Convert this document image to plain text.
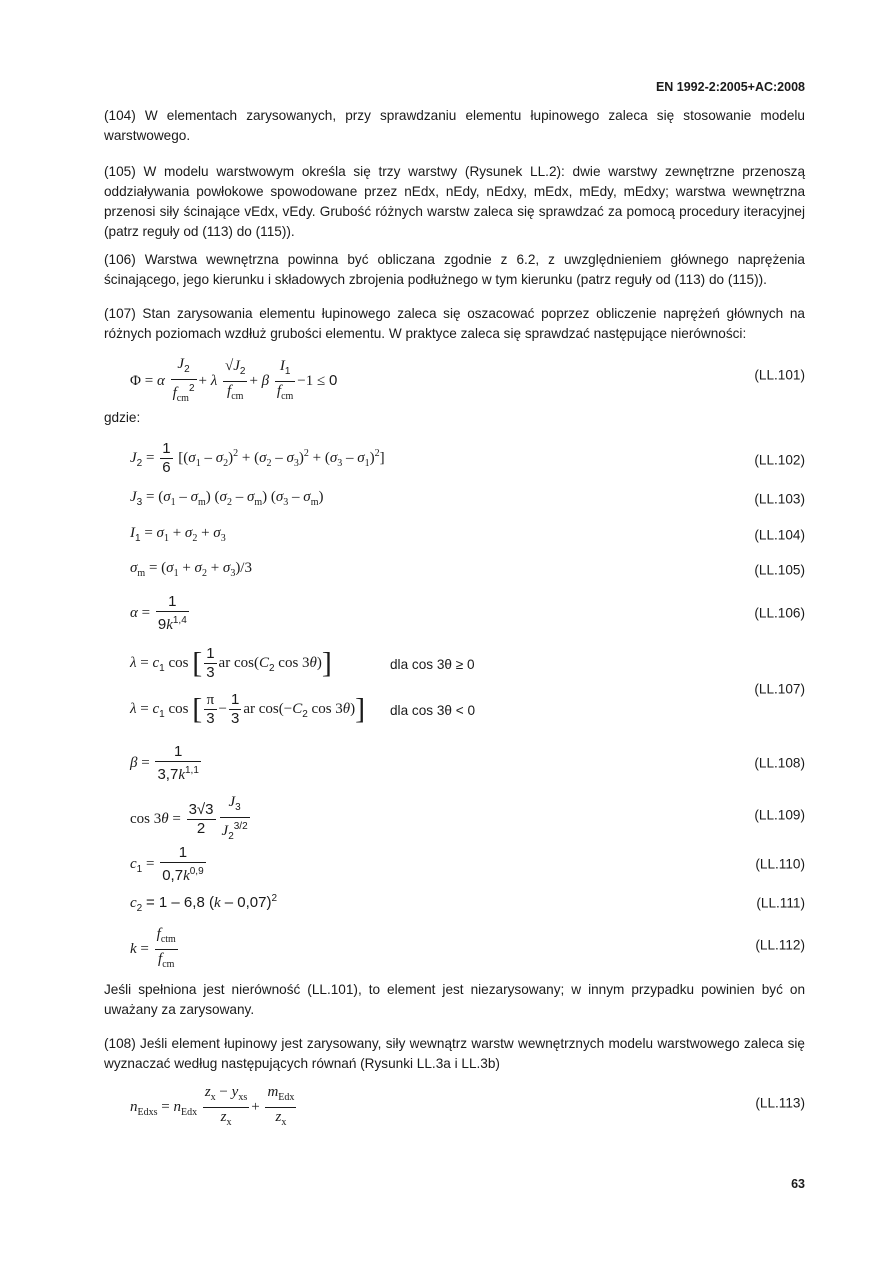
EN 1992-2:2005+AC:2008
(104) W elementach zarysowanych, przy sprawdzaniu elementu łupinowego zaleca się stosowanie modelu warstwowego.
(105) W modelu warstwowym określa się trzy warstwy (Rysunek LL.2): dwie warstwy zewnętrzne przenoszą oddziaływania powłokowe spowodowane przez nEdx, nEdy, nEdxy, mEdx, mEdy, mEdxy; warstwa wewnętrzna przenosi siły ścinające vEdx, vEdy. Grubość różnych warstw zaleca się sprawdzać za pomocą procedury iteracyjnej (patrz reguły od (113) do (115)).
(106) Warstwa wewnętrzna powinna być obliczana zgodnie z 6.2, z uwzględnieniem głównego naprężenia ścinającego, jego kierunku i składowych zbrojenia podłużnego w tym kierunku (patrz reguły od (113) do (115)).
(107) Stan zarysowania elementu łupinowego zaleca się oszacować poprzez obliczenie naprężeń głównych na różnych poziomach wzdłuż grubości elementu. W praktyce zaleca się sprawdzać następujące nierówności:
Φ = α $\frac{J_2}{f_{cm}^2} + \lambda \frac{√J_2}{f_{cm}} + \beta \frac{I_1}{f_{cm}} -1 \le 0$	(LL.101)
gdzie:
$J_2 = \frac{1}{6} [(\sigma_1 - \sigma_2)^2 + (\sigma_2 - \sigma_3)^2 + (\sigma_3 - \sigma_1)^2]$	(LL.102)
$J_3 = (\sigma_1 - \sigma_m)$ $(\sigma_2 - \sigma_m)$ $(\sigma_3 - \sigma_m)$	(LL.103)
$I_1 = \sigma_1 + \sigma_2 + \sigma_3$	(LL.104)
$\sigma_m = (\sigma_1 + \sigma_2 + \sigma_3)/3$	(LL.105)
$\alpha = \frac{1}{9k^{1,4}}$	(LL.106)
$\lambda = c_1$ cos [ $\frac{1}{3}$ ar $\cos(C_2$ cos 3θ)]	dla cos 3θ ≥ 0
$\lambda = c_1$ cos [ $\frac{\pi}{3} - \frac{1}{3}$ ar $\cos(-C_2$ cos 3θ)] dla cos 3θ < 0
(LL.107)
$\beta = \frac{1}{3,7k^{1,1}}$	(LL.108)
$\cos 3\theta = \frac{3√3}{2} \frac{J_3}{J_2^{3/2}}$	(LL.109)
$c_1 = \frac{1}{0,7k^{0,9}}$	(LL.110)
$c_2 = 1 - 6,8$ (k – 0,07)$^2$	(LL.111)
$k = \frac{f_{ctm}}{f_{cm}}$	(LL.112)
Jeśli spełniona jest nierówność (LL.101), to element jest niezarysowany; w innym przypadku powinien być on uważany za zarysowany.
(108) Jeśli element łupinowy jest zarysowany, siły wewnątrz warstw wewnętrznych modelu warstwowego zaleca się wyznaczać według następujących równań (Rysunki LL.3a i LL.3b)
$n_{Edxs} = n_{Edx} \frac{z_x - y_{xs}}{z_x} + \frac{m_{Edx}}{z_x}$	(LL.113)
63
